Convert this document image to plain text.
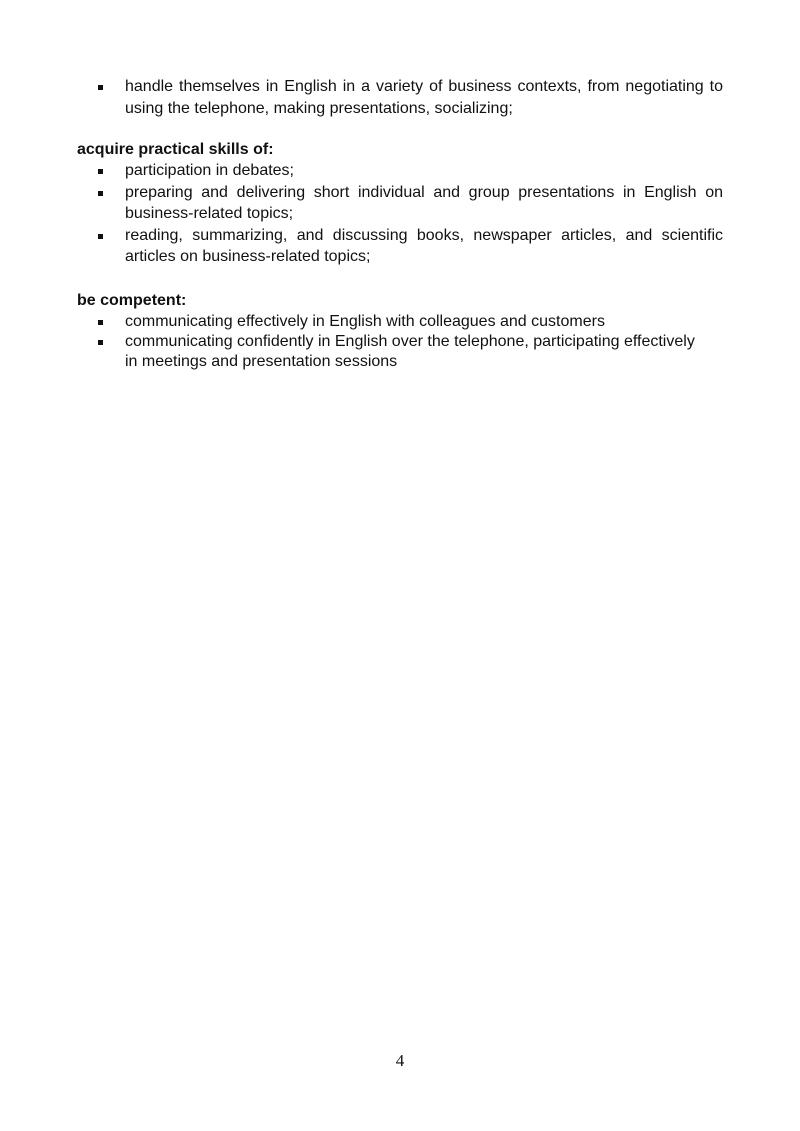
handle themselves in English in a variety of business contexts, from negotiating to using the telephone, making presentations, socializing;
acquire practical skills of:
participation in debates;
preparing and delivering short individual and group presentations in English on business-related topics;
reading, summarizing, and discussing books, newspaper articles, and scientific articles on business-related topics;
be competent:
communicating effectively in English with colleagues and customers
communicating confidently in English over the telephone, participating effectively in meetings and presentation sessions
4
